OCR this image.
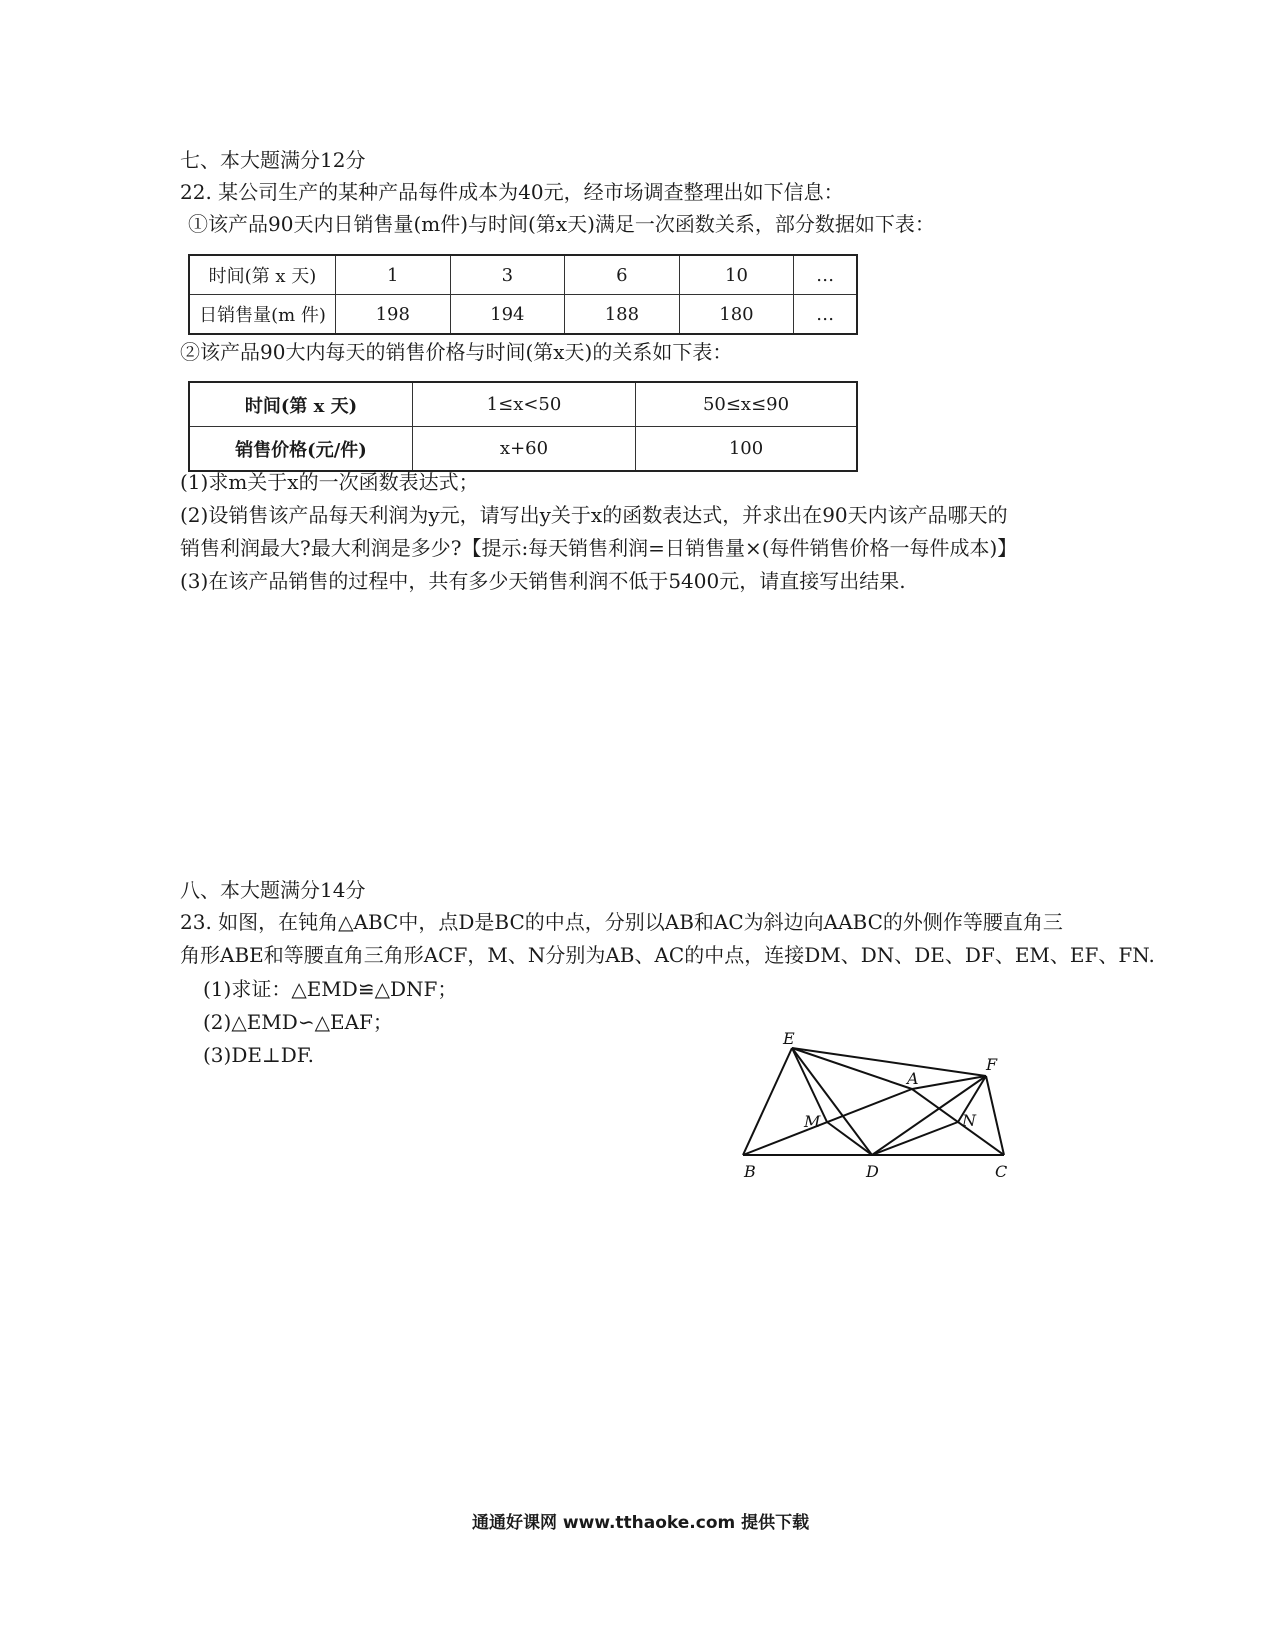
七、本大题满分12分
22. 某公司生产的某种产品每件成本为40元，经市场调查整理出如下信息：
①该产品90天内日销售量(m件)与时间(第x天)满足一次函数关系，部分数据如下表：
时间(第 x 天)	1	3	6	10	…
日销售量(m 件)	198	194	188	180	…
②该产品90大内每天的销售价格与时间(第x天)的关系如下表：
时间(第 x 天)	1≤x<50	50≤x≤90
销售价格(元/件)	x+60	100
(1)求m关于x的一次函数表达式；
(2)设销售该产品每天利润为y元，请写出y关于x的函数表达式，并求出在90天内该产品哪天的
销售利润最大?最大利润是多少?【提示:每天销售利润=日销售量×(每件销售价格一每件成本)】
(3)在该产品销售的过程中，共有多少天销售利润不低于5400元，请直接写出结果.
八、本大题满分14分
23. 如图，在钝角△ABC中，点D是BC的中点，分别以AB和AC为斜边向AABC的外侧作等腰直角三
角形ABE和等腰直角三角形ACF，M、N分别为AB、AC的中点，连接DM、DN、DE、DF、EM、EF、FN.
(1)求证：△EMD≌△DNF；
(2)△EMD∽△EAF；
(3)DE⊥DF.
E
A
F
M	N
B	D	C
通通好课网 www.tthaoke.com 提供下载
